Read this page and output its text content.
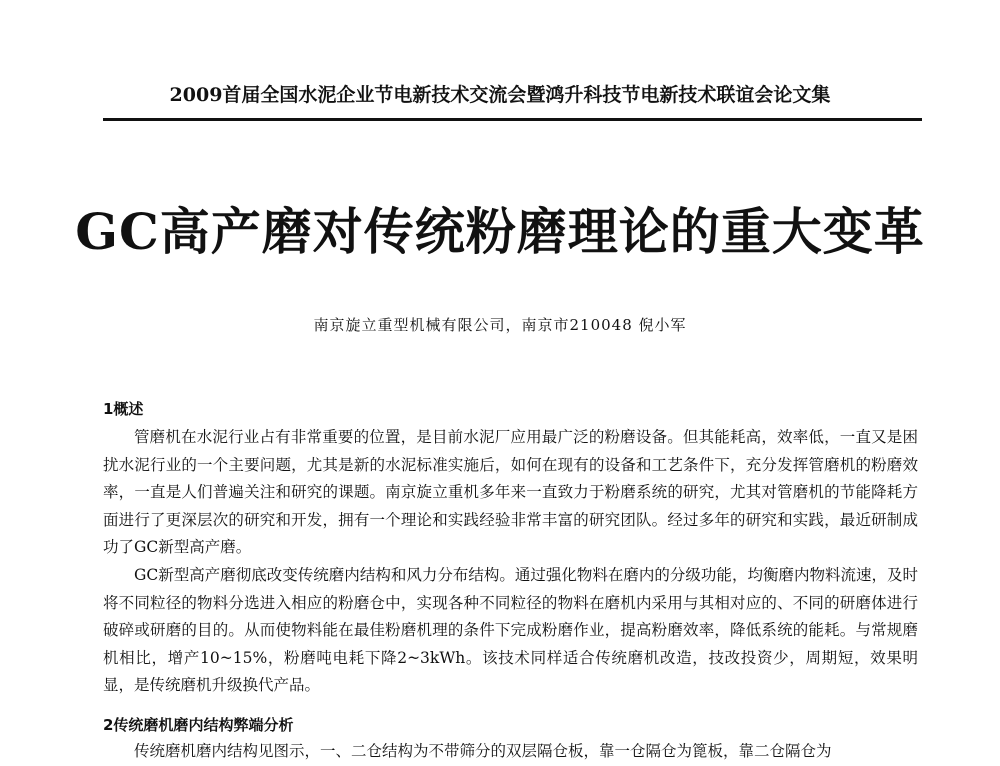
2009首届全国水泥企业节电新技术交流会暨鸿升科技节电新技术联谊会论文集
GC高产磨对传统粉磨理论的重大变革
南京旋立重型机械有限公司，南京市210048 倪小军
1概述

管磨机在水泥行业占有非常重要的位置，是目前水泥厂应用最广泛的粉磨设备。但其能耗高，效率低，一直又是困扰水泥行业的一个主要问题，尤其是新的水泥标准实施后，如何在现有的设备和工艺条件下，充分发挥管磨机的粉磨效率，一直是人们普遍关注和研究的课题。南京旋立重机多年来一直致力于粉磨系统的研究，尤其对管磨机的节能降耗方面进行了更深层次的研究和开发，拥有一个理论和实践经验非常丰富的研究团队。经过多年的研究和实践，最近研制成功了GC新型高产磨。

GC新型高产磨彻底改变传统磨内结构和风力分布结构。通过强化物料在磨内的分级功能，均衡磨内物料流速，及时将不同粒径的物料分选进入相应的粉磨仓中，实现各种不同粒径的物料在磨机内采用与其相对应的、不同的研磨体进行破碎或研磨的目的。从而使物料能在最佳粉磨机理的条件下完成粉磨作业，提高粉磨效率，降低系统的能耗。与常规磨机相比，增产10~15%，粉磨吨电耗下降2~3kWh。该技术同样适合传统磨机改造，技改投资少，周期短，效果明显，是传统磨机升级换代产品。

2传统磨机磨内结构弊端分析

传统磨机磨内结构见图示，一、二仓结构为不带筛分的双层隔仓板，靠一仓隔仓为篦板，靠二仓隔仓为
